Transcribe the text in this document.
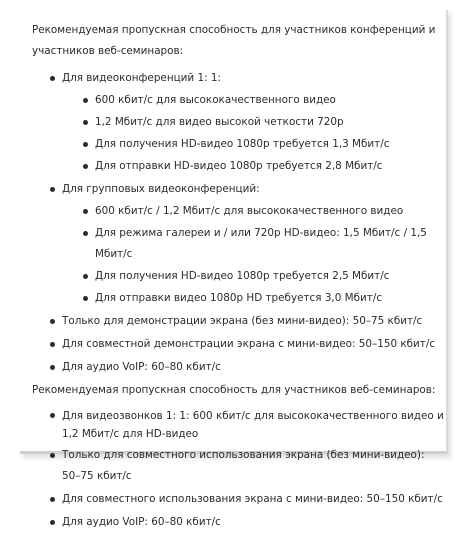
Рекомендуемая пропускная способность для участников конференций и участников веб-семинаров:

Для видеоконференций 1: 1:
600 кбит/с для высококачественного видео
1,2 Мбит/с для видео высокой четкости 720p
Для получения HD-видео 1080p требуется 1,3 Мбит/с
Для отправки HD-видео 1080p требуется 2,8 Мбит/с
Для групповых видеоконференций:
600 кбит/с / 1,2 Мбит/с для высококачественного видео
Для режима галереи и / или 720p HD-видео: 1,5 Мбит/с / 1,5 Мбит/с
Для получения HD-видео 1080p требуется 2,5 Мбит/с
Для отправки видео 1080p HD требуется 3,0 Мбит/с
Только для демонстрации экрана (без мини-видео): 50–75 кбит/с
Для совместной демонстрации экрана с мини-видео: 50–150 кбит/с
Для аудио VoIP: 60–80 кбит/с

Рекомендуемая пропускная способность для участников веб-семинаров:

Для видеозвонков 1: 1: 600 кбит/с для высококачественного видео и 1,2 Мбит/с для HD-видео
Только для совместного использования экрана (без мини-видео): 50–75 кбит/с
Для совместного использования экрана с мини-видео: 50–150 кбит/с
Для аудио VoIP: 60–80 кбит/с
